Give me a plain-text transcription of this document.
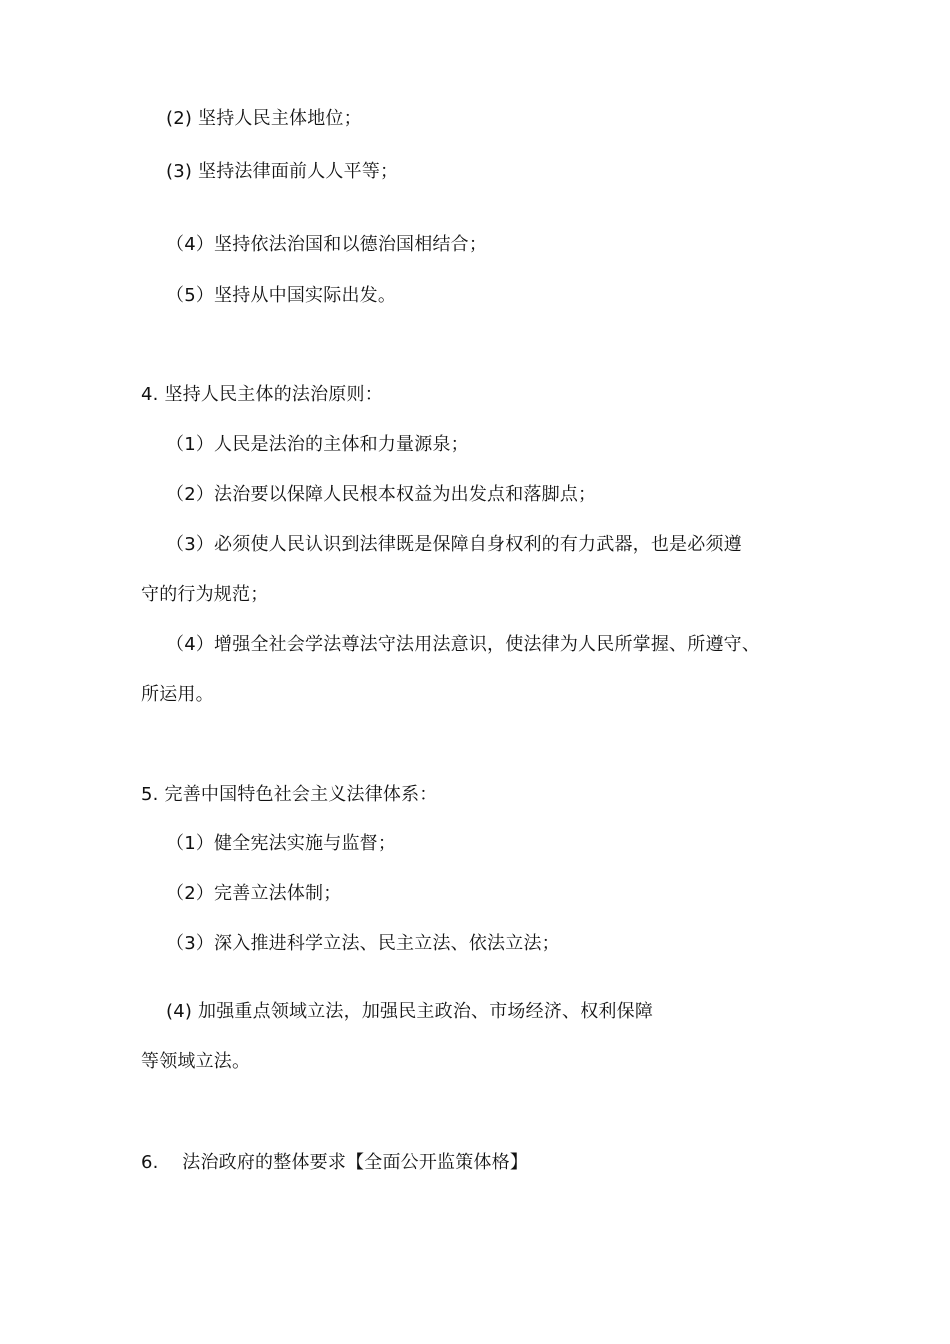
(2) 坚持人民主体地位；
(3) 坚持法律面前人人平等；
（4）坚持依法治国和以德治国相结合；
（5）坚持从中国实际出发。
4. 坚持人民主体的法治原则：
（1）人民是法治的主体和力量源泉；
（2）法治要以保障人民根本权益为出发点和落脚点；
（3）必须使人民认识到法律既是保障自身权利的有力武器，也是必须遵
守的行为规范；
（4）增强全社会学法尊法守法用法意识，使法律为人民所掌握、所遵守、
所运用。
5. 完善中国特色社会主义法律体系：
（1）健全宪法实施与监督；
（2）完善立法体制；
（3）深入推进科学立法、民主立法、依法立法；
(4) 加强重点领域立法，加强民主政治、市场经济、权利保障
等领域立法。
6.    法治政府的整体要求【全面公开监策体格】
